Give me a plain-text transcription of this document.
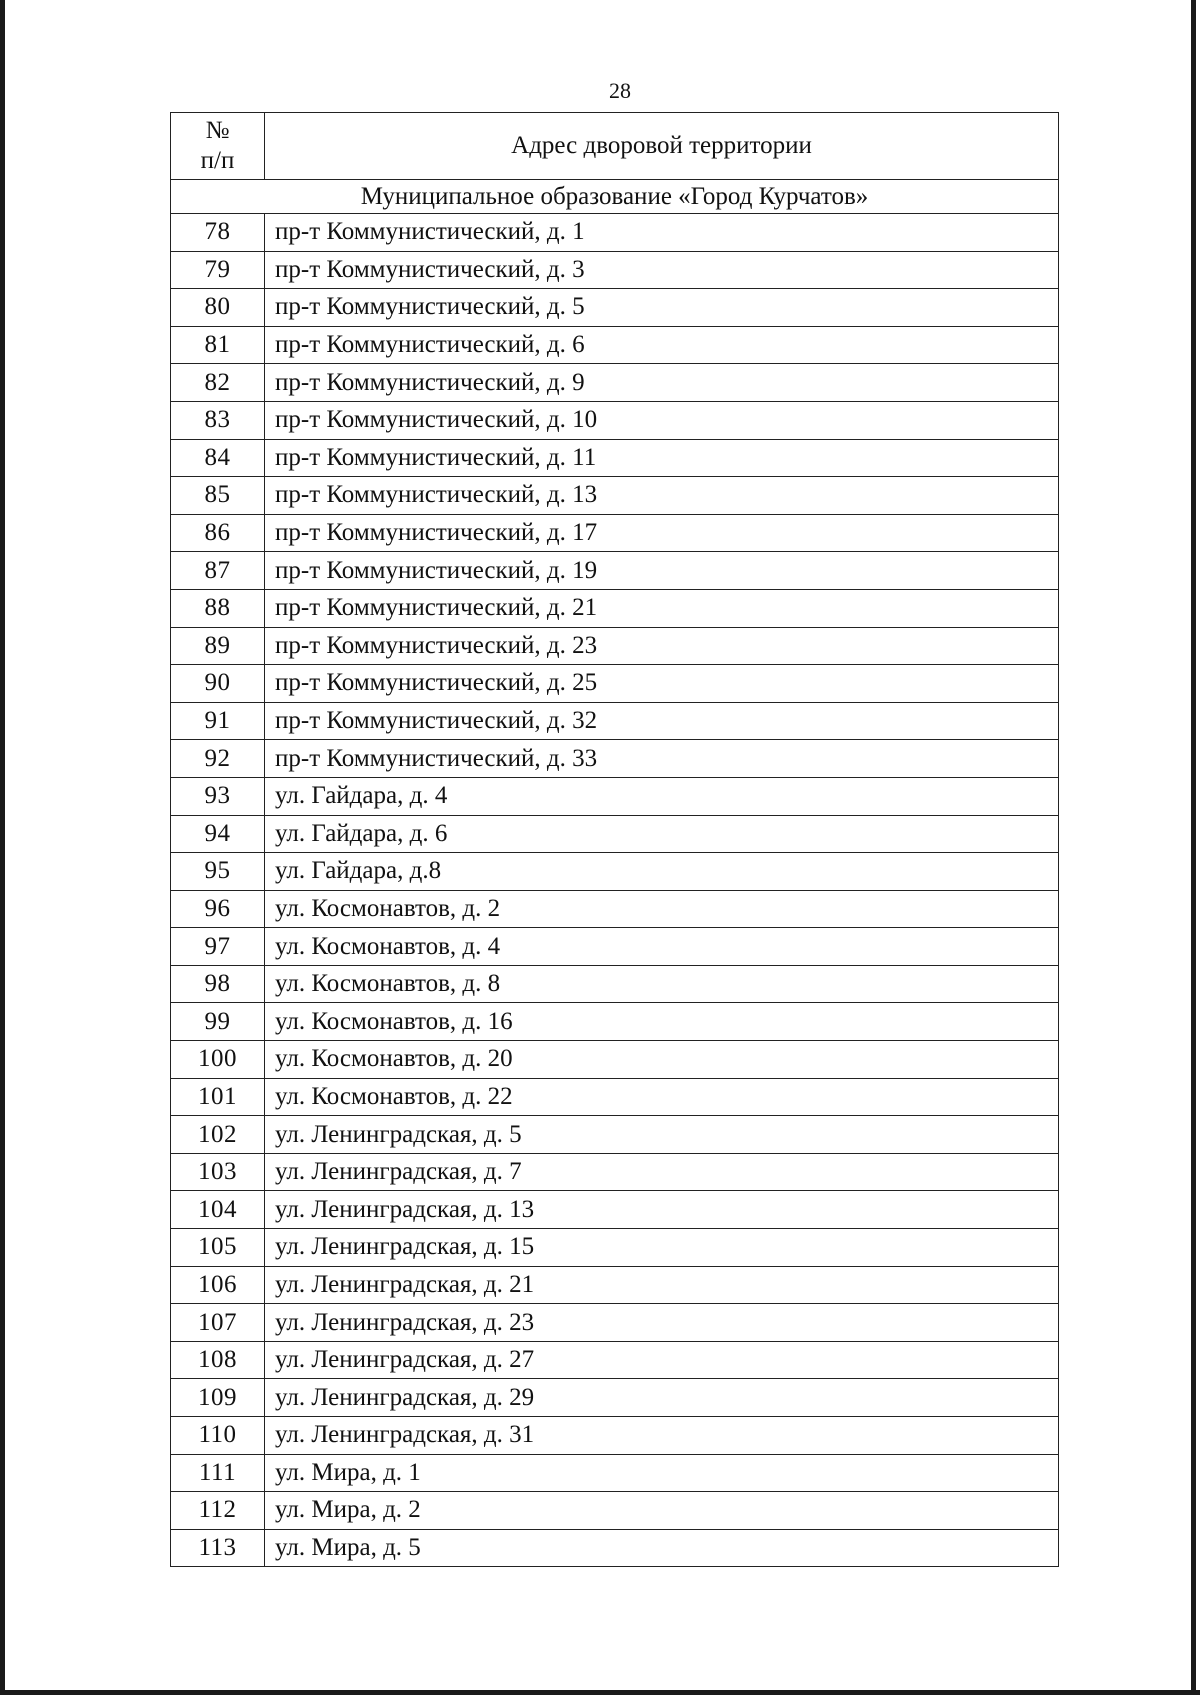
28
№
п/п	Адрес дворовой территории
Муниципальное образование «Город Курчатов»	
78	пр-т Коммунистический, д. 1
79	пр-т Коммунистический, д. 3
80	пр-т Коммунистический, д. 5
81	пр-т Коммунистический, д. 6
82	пр-т Коммунистический, д. 9
83	пр-т Коммунистический, д. 10
84	пр-т Коммунистический, д. 11
85	пр-т Коммунистический, д. 13
86	пр-т Коммунистический, д. 17
87	пр-т Коммунистический, д. 19
88	пр-т Коммунистический, д. 21
89	пр-т Коммунистический, д. 23
90	пр-т Коммунистический, д. 25
91	пр-т Коммунистический, д. 32
92	пр-т Коммунистический, д. 33
93	ул. Гайдара, д. 4
94	ул. Гайдара, д. 6
95	ул. Гайдара, д.8
96	ул. Космонавтов, д. 2
97	ул. Космонавтов, д. 4
98	ул. Космонавтов, д. 8
99	ул. Космонавтов, д. 16
100	ул. Космонавтов, д. 20
101	ул. Космонавтов, д. 22
102	ул. Ленинградская, д. 5
103	ул. Ленинградская, д. 7
104	ул. Ленинградская, д. 13
105	ул. Ленинградская, д. 15
106	ул. Ленинградская, д. 21
107	ул. Ленинградская, д. 23
108	ул. Ленинградская, д. 27
109	ул. Ленинградская, д. 29
110	ул. Ленинградская, д. 31
111	ул. Мира, д. 1
112	ул. Мира, д. 2
113	ул. Мира, д. 5
